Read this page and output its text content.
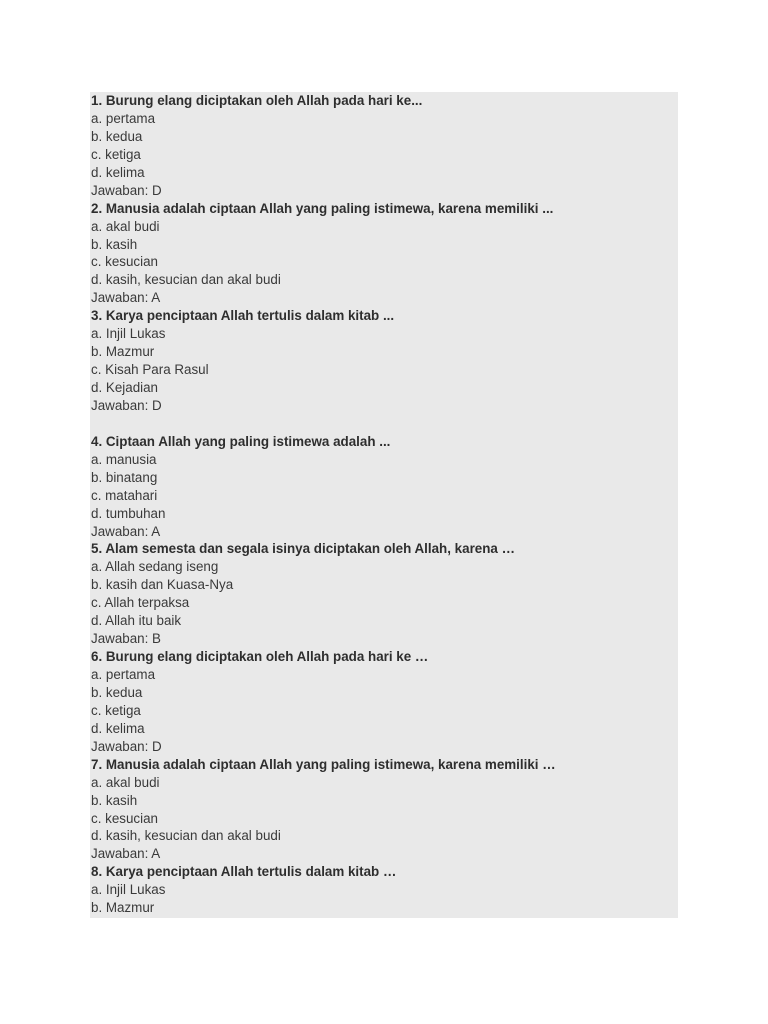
1. Burung elang diciptakan oleh Allah pada hari ke...
a. pertama
b. kedua
c. ketiga
d. kelima
Jawaban: D
2. Manusia adalah ciptaan Allah yang paling istimewa, karena memiliki ...
a. akal budi
b. kasih
c. kesucian
d. kasih, kesucian dan akal budi
Jawaban: A
3. Karya penciptaan Allah tertulis dalam kitab ...
a. Injil Lukas
b. Mazmur
c. Kisah Para Rasul
d. Kejadian
Jawaban: D
4. Ciptaan Allah yang paling istimewa adalah ...
a. manusia
b. binatang
c. matahari
d. tumbuhan
Jawaban: A
5. Alam semesta dan segala isinya diciptakan oleh Allah, karena …
a. Allah sedang iseng
b. kasih dan Kuasa-Nya
c. Allah terpaksa
d. Allah itu baik
Jawaban: B
6. Burung elang diciptakan oleh Allah pada hari ke …
a. pertama
b. kedua
c. ketiga
d. kelima
Jawaban: D
7. Manusia adalah ciptaan Allah yang paling istimewa, karena memiliki …
a. akal budi
b. kasih
c. kesucian
d. kasih, kesucian dan akal budi
Jawaban: A
8. Karya penciptaan Allah tertulis dalam kitab …
a. Injil Lukas
b. Mazmur
